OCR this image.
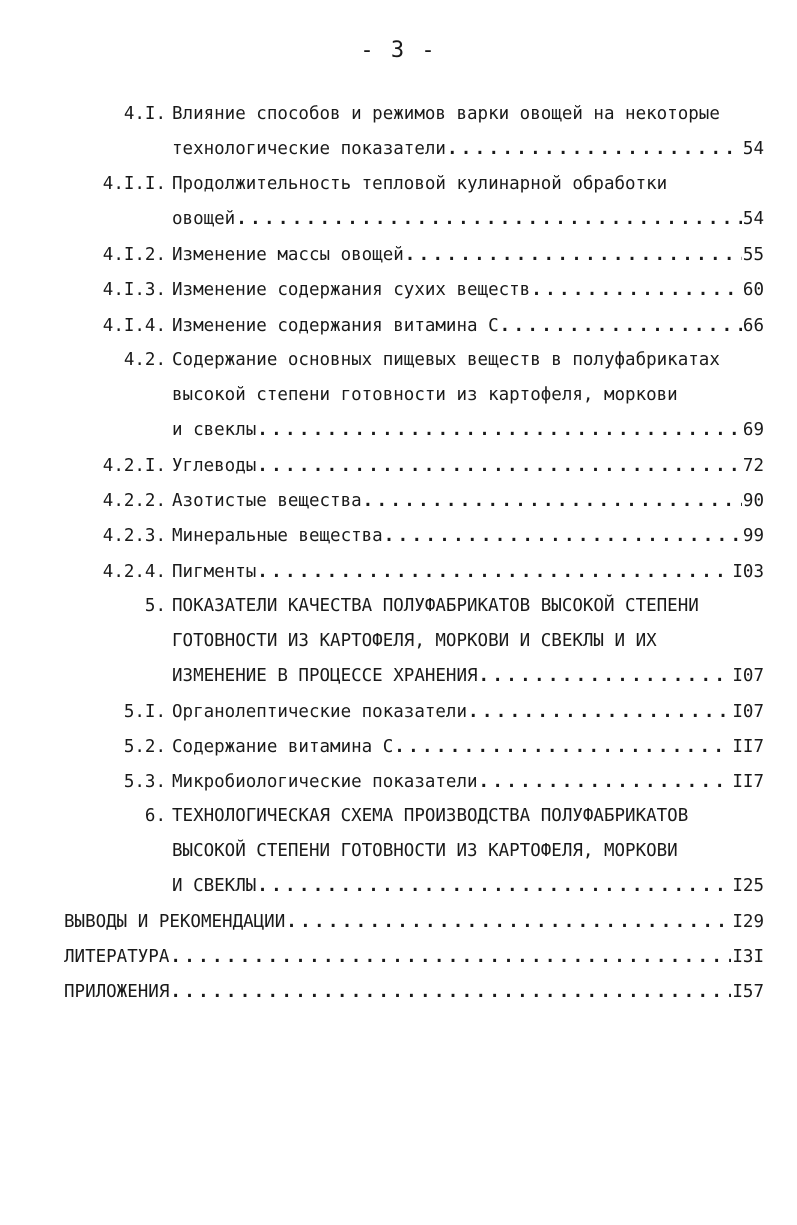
- 3 -
4.I. Влияние способов и режимов варки овощей на некоторые
технологические показатели . . .	54
4.I.I. Продолжительность тепловой кулинарной обработки
овощей . . .	54
4.I.2. Изменение массы овощей . . .	55
4.I.3. Изменение содержания сухих веществ . . .	60
4.I.4. Изменение содержания витамина С . . .	66
4.2. Содержание основных пищевых веществ в полуфабрикатах
высокой степени готовности из картофеля, моркови
и свеклы . . .	69
4.2.I. Углеводы . . .	72
4.2.2. Азотистые вещества . . .	90
4.2.3. Минеральные вещества . . .	99
4.2.4. Пигменты . . .	I03
5. ПОКАЗАТЕЛИ КАЧЕСТВА ПОЛУФАБРИКАТОВ ВЫСОКОЙ СТЕПЕНИ
ГОТОВНОСТИ ИЗ КАРТОФЕЛЯ, МОРКОВИ И СВЕКЛЫ И ИХ
ИЗМЕНЕНИЕ В ПРОЦЕССЕ ХРАНЕНИЯ . . .	I07
5.I. Органолептические показатели . . .	I07
5.2. Содержание витамина С . . .	II7
5.3. Микробиологические показатели . . .	II7
6. ТЕХНОЛОГИЧЕСКАЯ СХЕМА ПРОИЗВОДСТВА ПОЛУФАБРИКАТОВ
ВЫСОКОЙ СТЕПЕНИ ГОТОВНОСТИ ИЗ КАРТОФЕЛЯ, МОРКОВИ
И СВЕКЛЫ . . .	I25
ВЫВОДЫ И РЕКОМЕНДАЦИИ . . .	I29
ЛИТЕРАТУРА . . .	I3I
ПРИЛОЖЕНИЯ . . .	I57
